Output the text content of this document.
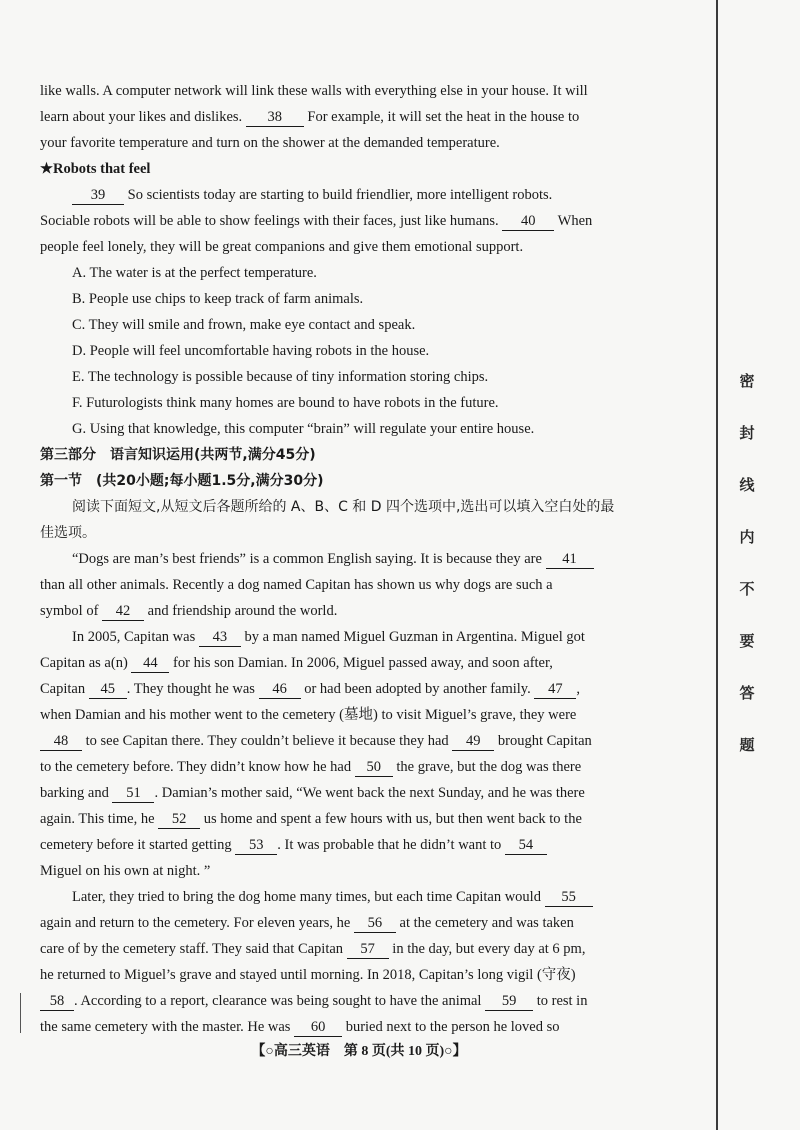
like walls. A computer network will link these walls with everything else in your house. It will
learn about your likes and dislikes. 38 For example, it will set the heat in the house to
your favorite temperature and turn on the shower at the demanded temperature.
★Robots that feel
39 So scientists today are starting to build friendlier, more intelligent robots.
Sociable robots will be able to show feelings with their faces, just like humans. 40 When
people feel lonely, they will be great companions and give them emotional support.
A. The water is at the perfect temperature.
B. People use chips to keep track of farm animals.
C. They will smile and frown, make eye contact and speak.
D. People will feel uncomfortable having robots in the house.
E. The technology is possible because of tiny information storing chips.
F. Futurologists think many homes are bound to have robots in the future.
G. Using that knowledge, this computer “brain” will regulate your entire house.
第三部分　语言知识运用(共两节,满分45分)
第一节　(共20小题;每小题1.5分,满分30分)
阅读下面短文,从短文后各题所给的 A、B、C 和 D 四个选项中,选出可以填入空白处的最
佳选项。
“Dogs are man’s best friends” is a common English saying. It is because they are 41
than all other animals. Recently a dog named Capitan has shown us why dogs are such a
symbol of 42 and friendship around the world.
In 2005, Capitan was 43 by a man named Miguel Guzman in Argentina. Miguel got
Capitan as a(n) 44 for his son Damian. In 2006, Miguel passed away, and soon after,
Capitan 45 . They thought he was 46 or had been adopted by another family. 47 ,
when Damian and his mother went to the cemetery (墓地) to visit Miguel’s grave, they were
48 to see Capitan there. They couldn’t believe it because they had 49 brought Capitan
to the cemetery before. They didn’t know how he had 50 the grave, but the dog was there
barking and 51 . Damian’s mother said, “We went back the next Sunday, and he was there
again. This time, he 52 us home and spent a few hours with us, but then went back to the
cemetery before it started getting 53 . It was probable that he didn’t want to 54
Miguel on his own at night. ”
Later, they tried to bring the dog home many times, but each time Capitan would 55
again and return to the cemetery. For eleven years, he 56 at the cemetery and was taken
care of by the cemetery staff. They said that Capitan 57 in the day, but every day at 6 pm,
he returned to Miguel’s grave and stayed until morning. In 2018, Capitan’s long vigil (守夜)
58 . According to a report, clearance was being sought to have the animal 59 to rest in
the same cemetery with the master. He was 60 buried next to the person he loved so
【○高三英语　第 8 页(共 10 页)○】
密
封
线
内
不
要
答
题
